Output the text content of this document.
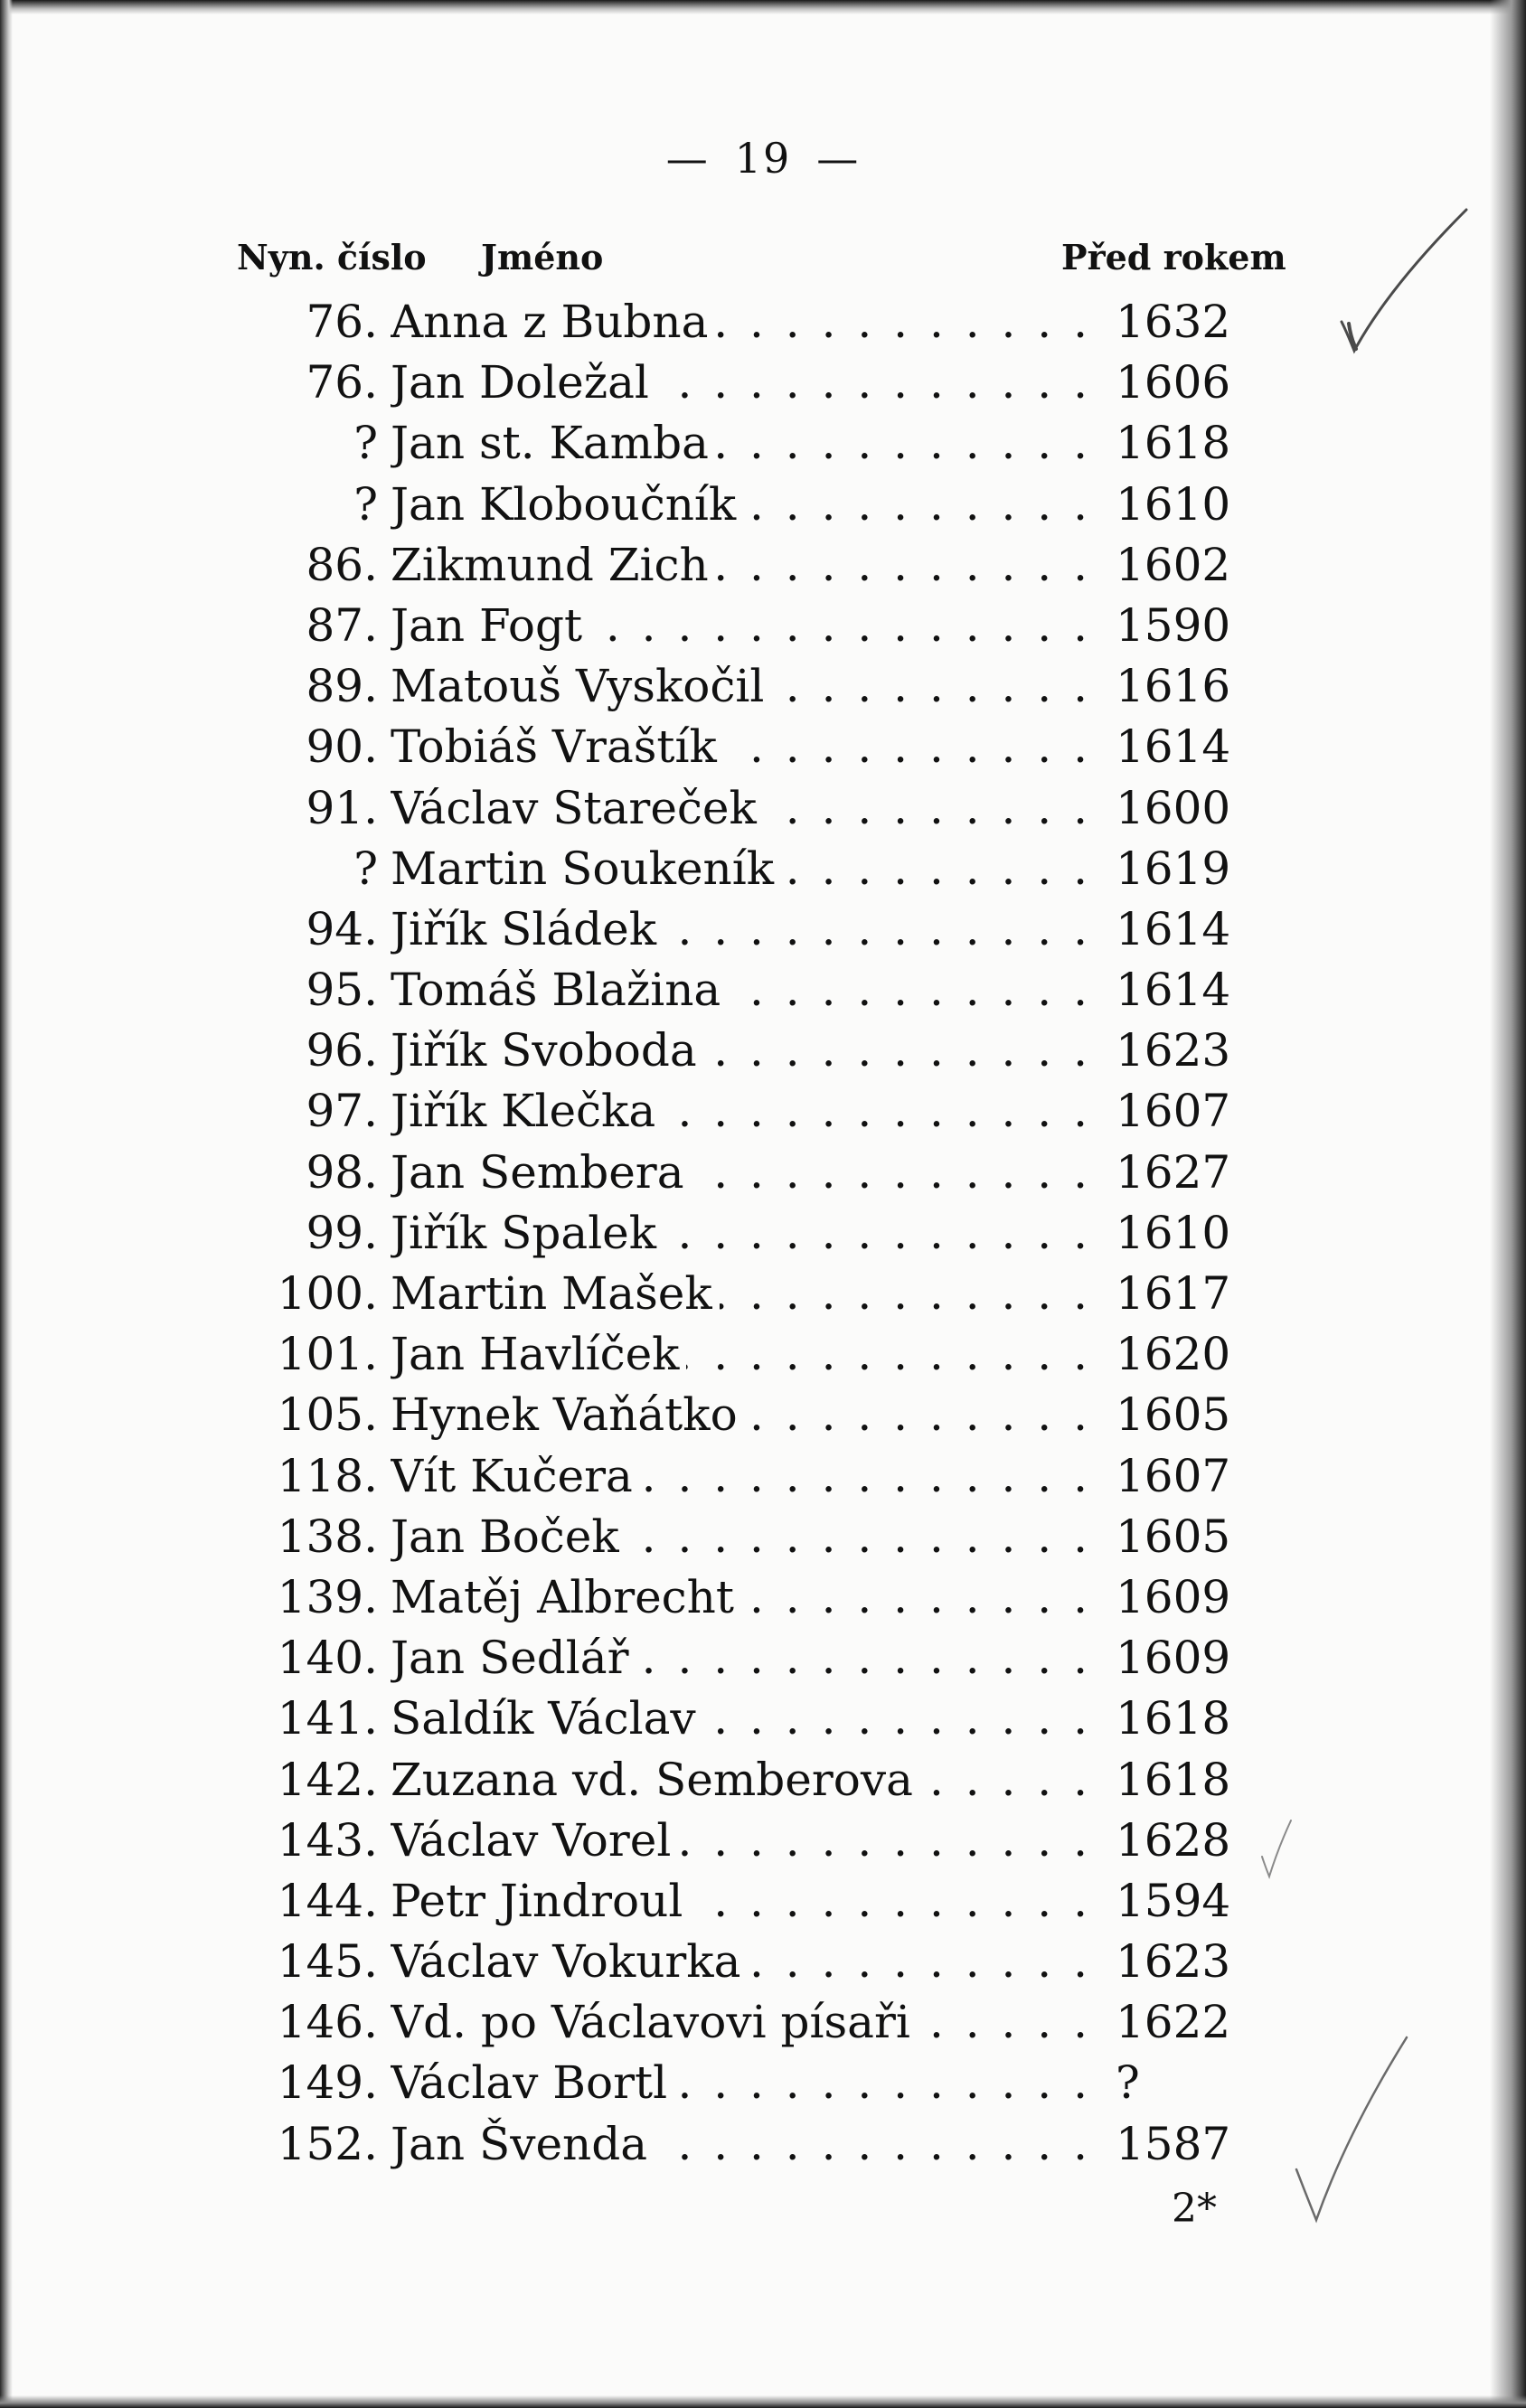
— 19 —
Nyn. číslo Jméno	Před rokem
76. Anna z Bubna . .	1632
76. Jan Doležal . .	1606
? Jan st. Kamba . .	1618
? Jan Kloboučník . .	1610
86. Zikmund Zich . .	1602
87. Jan Fogt . .	1590
89. Matouš Vyskočil . .	1616
90. Tobiáš Vraštík . .	1614
91. Václav Stareček . .	1600
? Martin Soukeník . .	1619
94. Jiřík Sládek . .	1614
95. Tomáš Blažina . .	1614
96. Jiřík Svoboda . .	1623
97. Jiřík Klečka . .	1607
98. Jan Sembera . .	1627
99. Jiřík Spalek . .	1610
100. Martin Mašek . .	1617
101. Jan Havlíček . .	1620
105. Hynek Vaňátko . .	1605
118. Vít Kučera . .	1607
138. Jan Boček . .	1605
139. Matěj Albrecht . .	1609
140. Jan Sedlář . .	1609
141. Saldík Václav . .	1618
142. Zuzana vd. Semberova . .	1618
143. Václav Vorel . .	1628
144. Petr Jindroul . .	1594
145. Václav Vokurka . .	1623
146. Vd. po Václavovi písaři . .	1622
149. Václav Bortl . .	?
152. Jan Švenda . .	1587
2*
